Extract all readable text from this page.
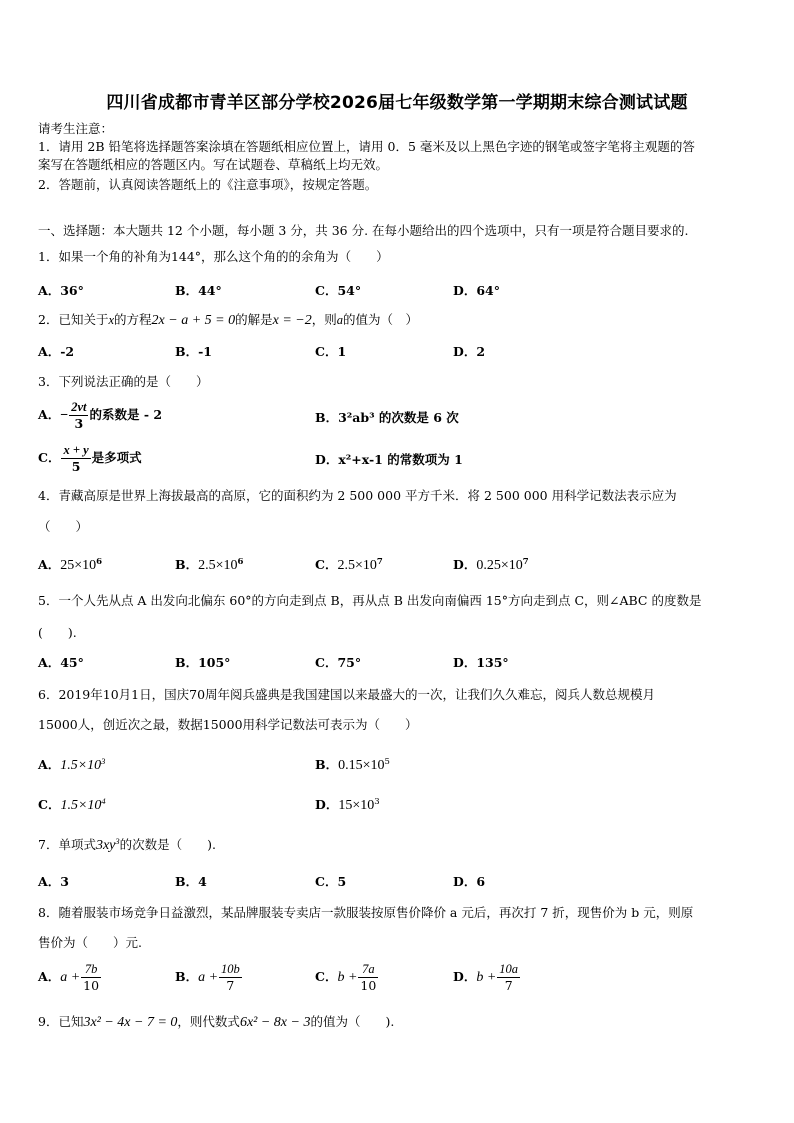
四川省成都市青羊区部分学校2026届七年级数学第一学期期末综合测试试题
请考生注意：
1．请用 2B 铅笔将选择题答案涂填在答题纸相应位置上，请用 0．5 毫米及以上黑色字迹的钢笔或签字笔将主观题的答
案写在答题纸相应的答题区内。写在试题卷、草稿纸上均无效。
2．答题前，认真阅读答题纸上的《注意事项》，按规定答题。
一、选择题：本大题共 12 个小题，每小题 3 分，共 36 分. 在每小题给出的四个选项中，只有一项是符合题目要求的.
1．如果一个角的补角为144°，那么这个角的的余角为（　　）
A．36°	B．44°	C．54°	D．64°
2．已知关于x的方程2x − a + 5 = 0的解是x = −2，则a的值为（　）
A．-2	B．-1	C．1	D．2
3．下列说法正确的是（　　）
A．− $\frac{2vt}{3}$ 的系数是 - 2	B．3²ab³ 的次数是 6 次
C． $\frac{x + y}{5}$ 是多项式	D．x²+x-1 的常数项为 1
4．青藏高原是世界上海拔最高的高原，它的面积约为 2 500 000 平方千米．将 2 500 000 用科学记数法表示应为
（　　）
A．$25\times 10^6$	B．$2.5\times 10^6$	C．$2.5\times 10^7$	D．$0.25\times 10^7$
5．一个人先从点 A 出发向北偏东 60°的方向走到点 B，再从点 B 出发向南偏西 15°方向走到点 C，则∠ABC 的度数是
(　　).
A．45°	B．105°	C．75°	D．135°
6．2019年10月1日，国庆70周年阅兵盛典是我国建国以来最盛大的一次，让我们久久难忘，阅兵人数总规模月
15000人，创近次之最，数据15000用科学记数法可表示为（　　）
A．$1.5\times 10^3$	B．$0.15\times 10^5$
C．$1.5\times 10^4$	D．$15\times 10^3$
7．单项式$3xy^3$的次数是（　　).
A．3	B．4	C．5	D．6
8．随着服装市场竞争日益激烈，某品牌服装专卖店一款服装按原售价降价 a 元后，再次打 7 折，现售价为 b 元，则原
售价为（　　）元.
A．$a + \frac{7b}{10}$	B．$a + \frac{10b}{7}$	C．$b + \frac{7a}{10}$	D．$b + \frac{10a}{7}$
9．已知3x² − 4x − 7 = 0，则代数式6x² − 8x − 3的值为（　　).
